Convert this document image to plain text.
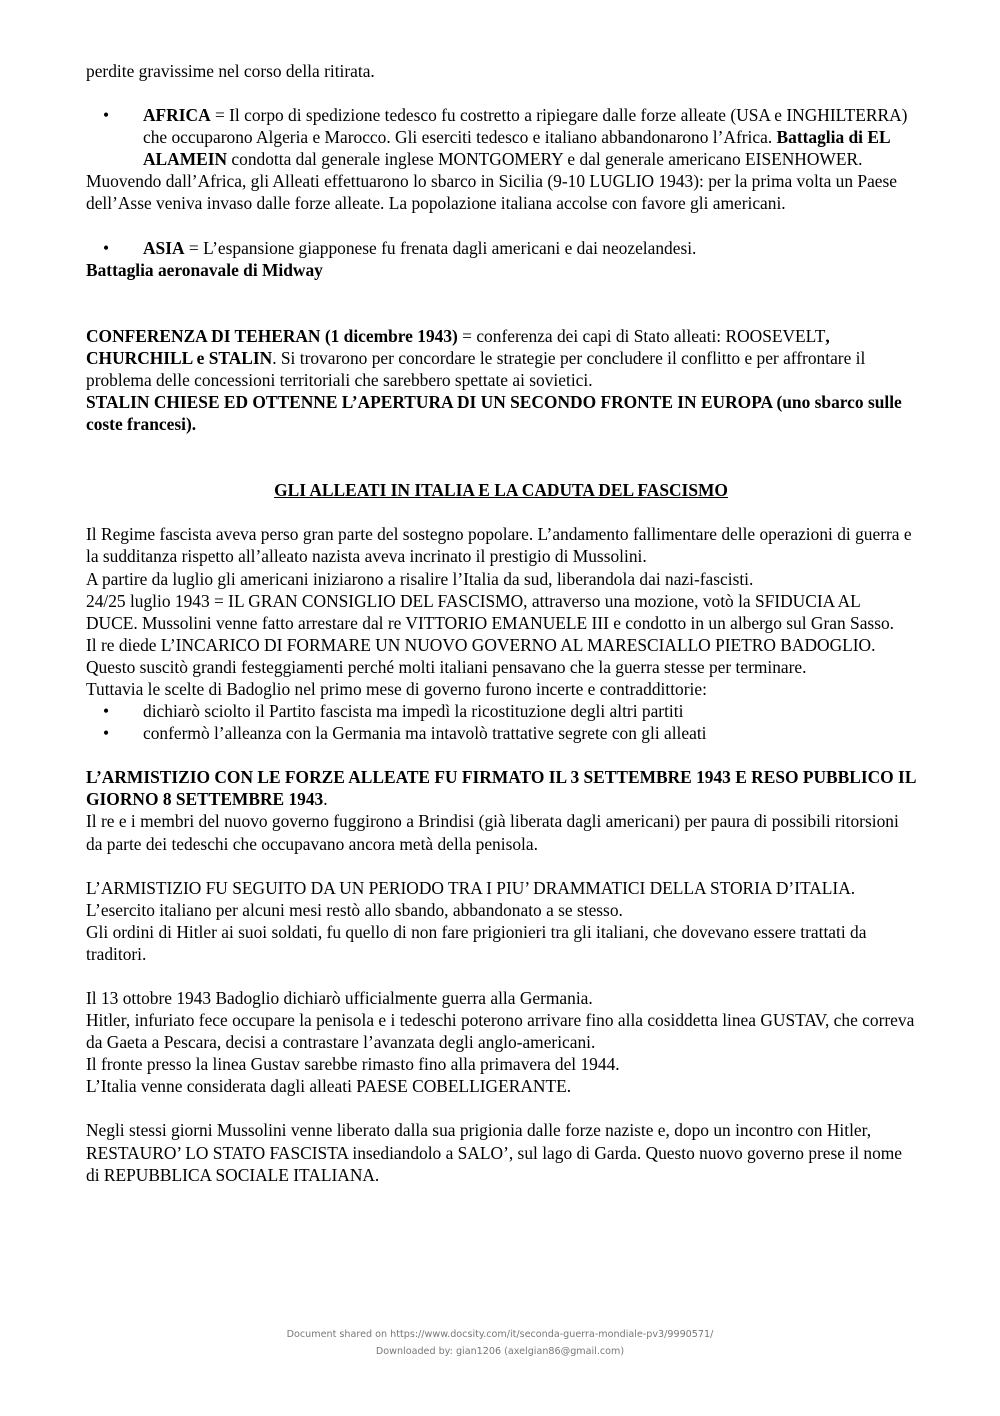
perdite gravissime nel corso della ritirata.

•	AFRICA = Il corpo di spedizione tedesco fu costretto a ripiegare dalle forze alleate (USA e INGHILTERRA) che occuparono Algeria e Marocco. Gli eserciti tedesco e italiano abbandonarono l’Africa. Battaglia di EL ALAMEIN condotta dal generale inglese MONTGOMERY e dal generale americano EISENHOWER.

Muovendo dall’Africa, gli Alleati effettuarono lo sbarco in Sicilia (9-10 LUGLIO 1943): per la prima volta un Paese dell’Asse veniva invaso dalle forze alleate. La popolazione italiana accolse con favore gli americani.

•	ASIA = L’espansione giapponese fu frenata dagli americani e dai neozelandesi.

Battaglia aeronavale di Midway

CONFERENZA DI TEHERAN (1 dicembre 1943) = conferenza dei capi di Stato alleati: ROOSEVELT,
CHURCHILL e STALIN. Si trovarono per concordare le strategie per concludere il conflitto e per affrontare il problema delle concessioni territoriali che sarebbero spettate ai sovietici.

STALIN CHIESE ED OTTENNE L’APERTURA DI UN SECONDO FRONTE IN EUROPA (uno sbarco sulle coste francesi).

GLI ALLEATI IN ITALIA E LA CADUTA DEL FASCISMO

Il Regime fascista aveva perso gran parte del sostegno popolare. L’andamento fallimentare delle operazioni di guerra e la sudditanza rispetto all’alleato nazista aveva incrinato il prestigio di Mussolini.

A partire da luglio gli americani iniziarono a risalire l’Italia da sud, liberandola dai nazi-fascisti.

24/25 luglio 1943 = IL GRAN CONSIGLIO DEL FASCISMO, attraverso una mozione, votò la SFIDUCIA AL DUCE. Mussolini venne fatto arrestare dal re VITTORIO EMANUELE III e condotto in un albergo sul Gran Sasso.

Il re diede L’INCARICO DI FORMARE UN NUOVO GOVERNO AL MARESCIALLO PIETRO BADOGLIO.

Questo suscitò grandi festeggiamenti perché molti italiani pensavano che la guerra stesse per terminare.

Tuttavia le scelte di Badoglio nel primo mese di governo furono incerte e contraddittorie:

•	dichiarò sciolto il Partito fascista ma impedì la ricostituzione degli altri partiti
•	confermò l’alleanza con la Germania ma intavolò trattative segrete con gli alleati

L’ARMISTIZIO CON LE FORZE ALLEATE FU FIRMATO IL 3 SETTEMBRE 1943 E RESO PUBBLICO IL GIORNO 8 SETTEMBRE 1943.

Il re e i membri del nuovo governo fuggirono a Brindisi (già liberata dagli americani) per paura di possibili ritorsioni da parte dei tedeschi che occupavano ancora metà della penisola.

L’ARMISTIZIO FU SEGUITO DA UN PERIODO TRA I PIU’ DRAMMATICI DELLA STORIA D’ITALIA.

L’esercito italiano per alcuni mesi restò allo sbando, abbandonato a se stesso.

Gli ordini di Hitler ai suoi soldati, fu quello di non fare prigionieri tra gli italiani, che dovevano essere trattati da traditori.

Il 13 ottobre 1943 Badoglio dichiarò ufficialmente guerra alla Germania.

Hitler, infuriato fece occupare la penisola e i tedeschi poterono arrivare fino alla cosiddetta linea GUSTAV, che correva da Gaeta a Pescara, decisi a contrastare l’avanzata degli anglo-americani.

Il fronte presso la linea Gustav sarebbe rimasto fino alla primavera del 1944.

L’Italia venne considerata dagli alleati PAESE COBELLIGERANTE.

Negli stessi giorni Mussolini venne liberato dalla sua prigionia dalle forze naziste e, dopo un incontro con Hitler, RESTAURO’ LO STATO FASCISTA insediandolo a SALO’, sul lago di Garda. Questo nuovo governo prese il nome di REPUBBLICA SOCIALE ITALIANA.

Document shared on https://www.docsity.com/it/seconda-guerra-mondiale-pv3/9990571/
Downloaded by: gian1206 (axelgian86@gmail.com)
